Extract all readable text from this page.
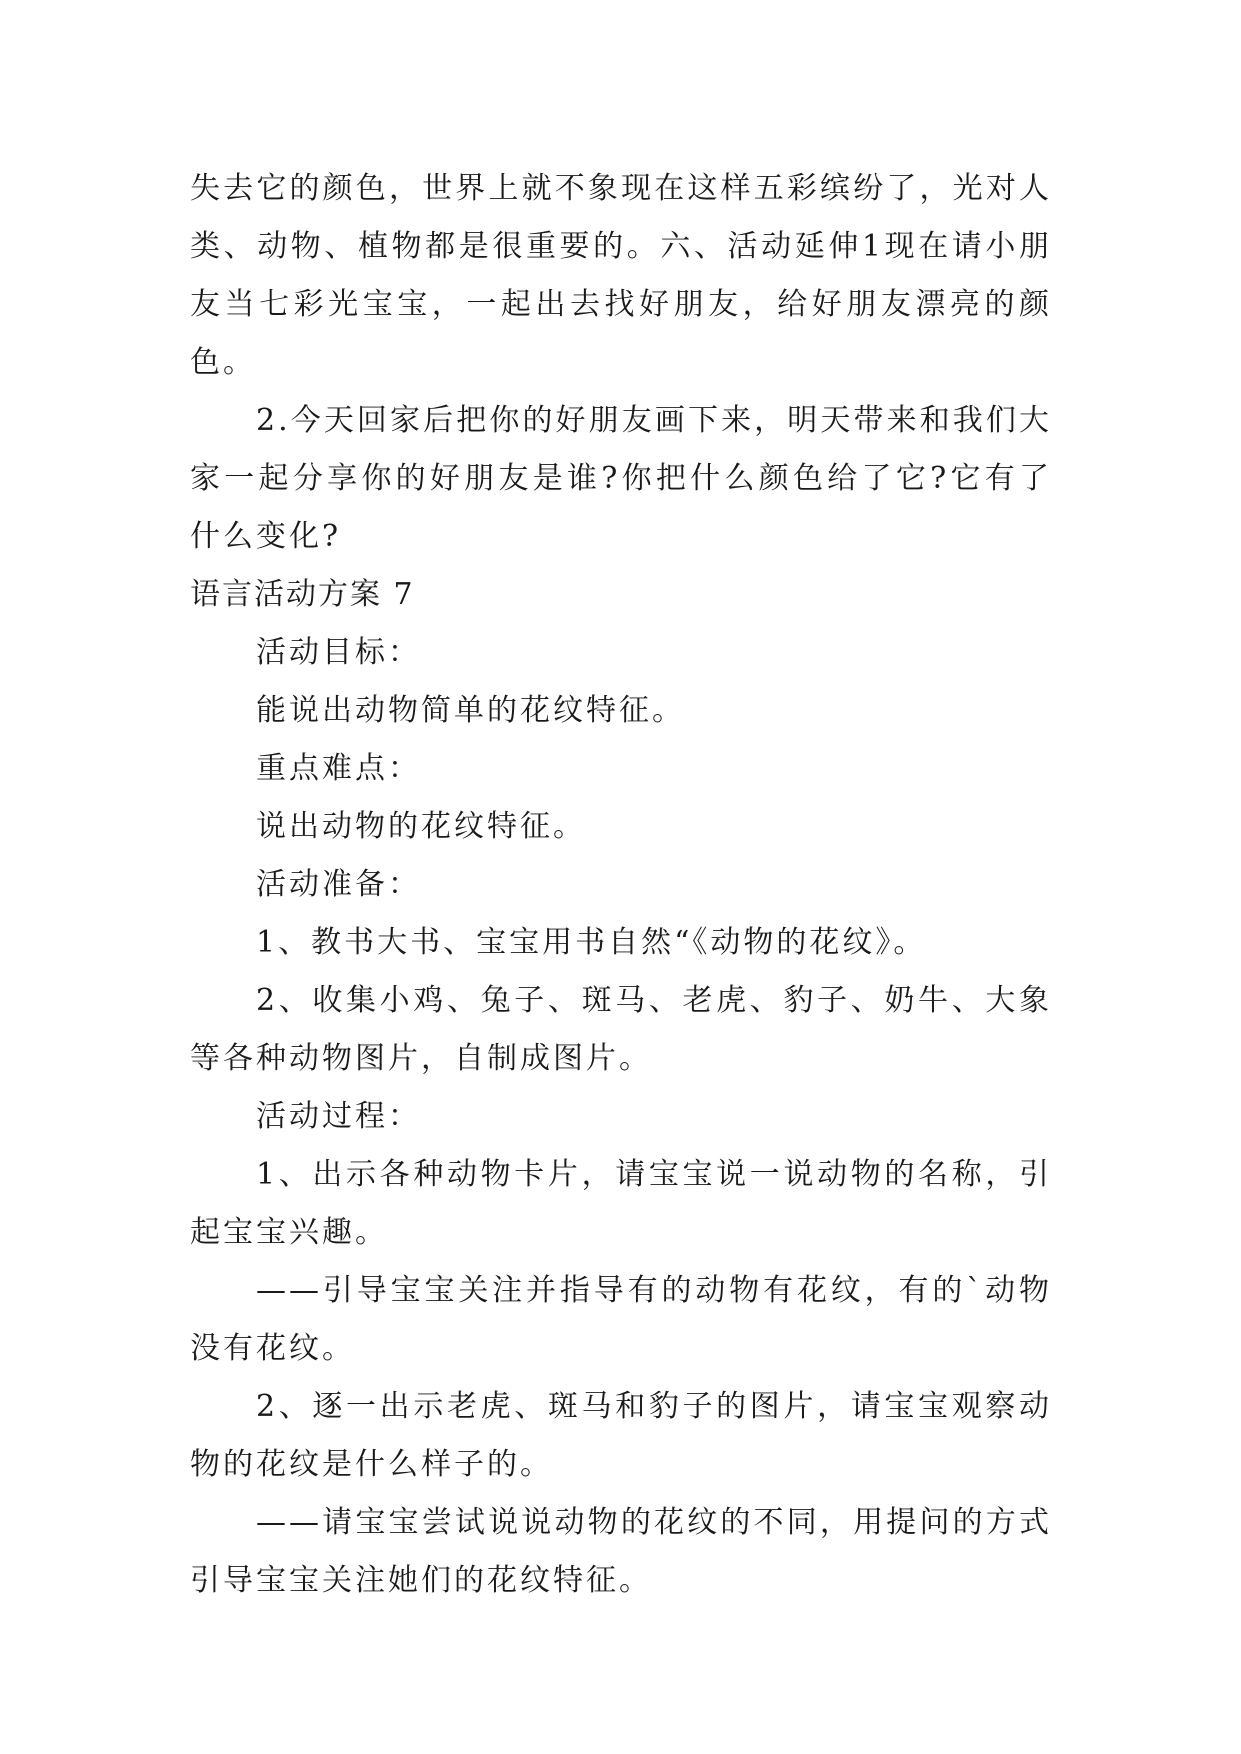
失去它的颜色，世界上就不象现在这样五彩缤纷了，光对人类、动物、植物都是很重要的。六、活动延伸1现在请小朋友当七彩光宝宝，一起出去找好朋友，给好朋友漂亮的颜色。

2.今天回家后把你的好朋友画下来，明天带来和我们大家一起分享你的好朋友是谁?你把什么颜色给了它?它有了什么变化?

语言活动方案 7

活动目标：

能说出动物简单的花纹特征。

重点难点：

说出动物的花纹特征。

活动准备：

1、教书大书、宝宝用书自然“《动物的花纹》。

2、收集小鸡、兔子、斑马、老虎、豹子、奶牛、大象等各种动物图片，自制成图片。

活动过程：

1、出示各种动物卡片，请宝宝说一说动物的名称，引起宝宝兴趣。

——引导宝宝关注并指导有的动物有花纹，有的`动物没有花纹。

2、逐一出示老虎、斑马和豹子的图片，请宝宝观察动物的花纹是什么样子的。

——请宝宝尝试说说动物的花纹的不同，用提问的方式引导宝宝关注她们的花纹特征。
